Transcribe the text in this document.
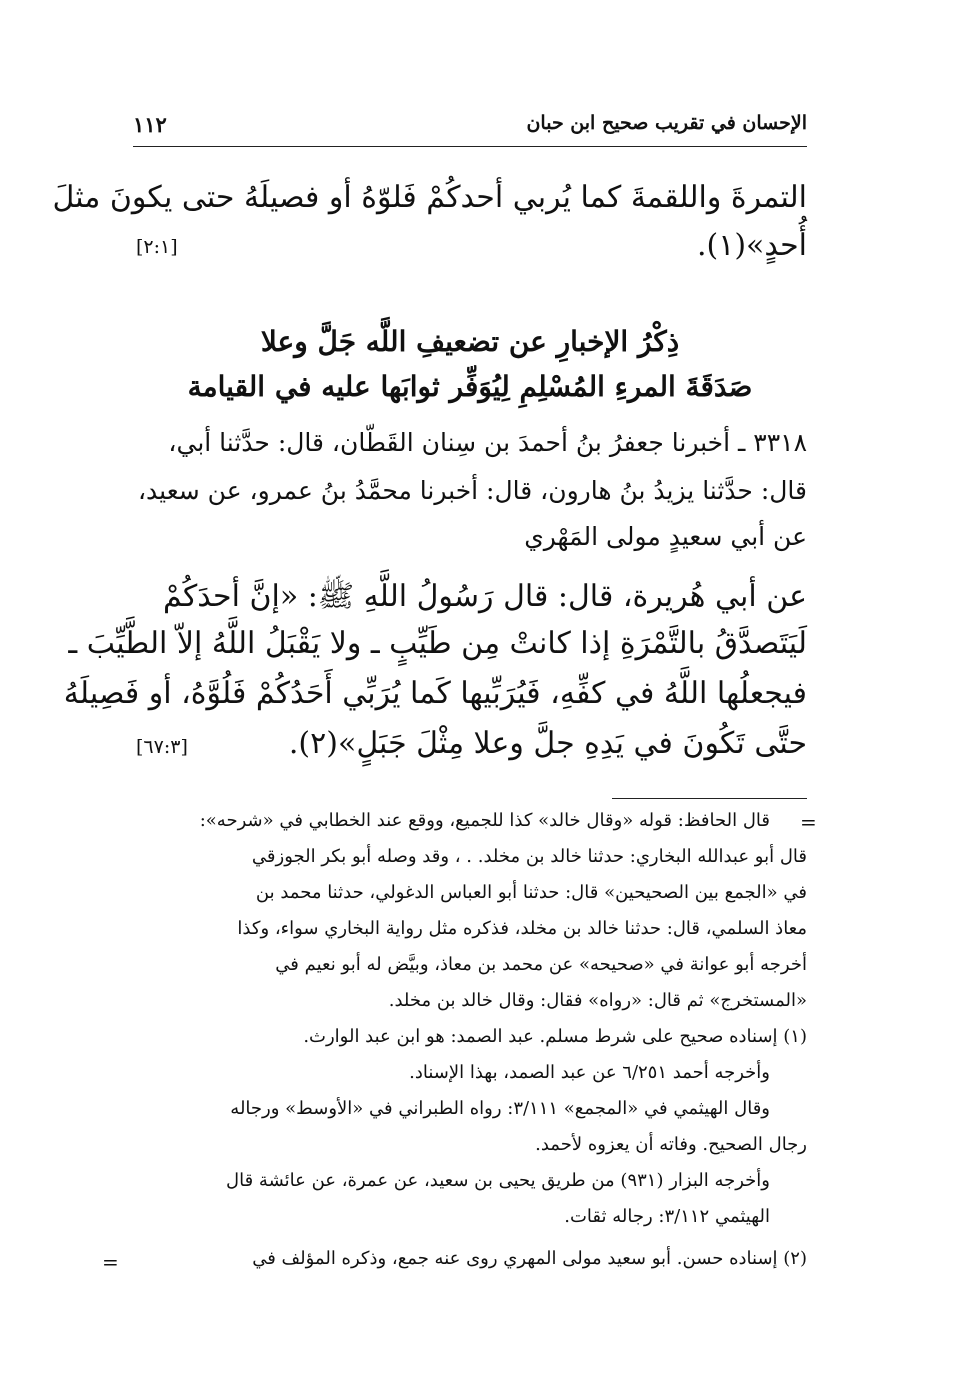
الإحسان في تقريب صحيح ابن حبان
١١٢
التمرةَ واللقمةَ كما يُربي أحدكُمْ فَلوّهُ أو فصيلَهُ حتى يكونَ مثلَ
أُحدٍ»(١).
[٢:١]
ذِكْرُ الإخبارِ عن تضعيفِ اللَّه جَلَّ وعلا
صَدَقَةَ المرءِ المُسْلِمِ لِيُوَفِّر ثوابَها عليه في القيامة
٣٣١٨ ـ أخبرنا جعفرُ بنُ أحمدَ بن سِنان القَطّان، قال: حدَّثنا أبي،
قال: حدَّثنا يزيدُ بنُ هارون، قال: أخبرنا محمَّدُ بنُ عمرو، عن سعيد،
عن أبي سعيدٍ مولى المَهْري
عن أبي هُريرة، قال: قال رَسُولُ اللَّهِ ﷺ: «إنَّ أحدَكُمْ
لَيَتَصدَّقُ بالتَّمْرَةِ إذا كانتْ مِن طَيِّبٍ ـ ولا يَقْبَلُ اللَّهُ إلاّ الطَّيِّبَ ـ
فيجعلُها اللَّهُ في كفِّهِ، فَيُرَبِّيها كَما يُرَبِّي أَحَدُكُمْ فَلُوَّهُ، أو فَصِيلَهُ
حتَّى تَكُونَ في يَدِهِ جلَّ وعلا مِثْلَ جَبَلٍ»(٢).
[٦٧:٣]
=
قال الحافظ: قوله «وقال خالد» كذا للجميع، ووقع عند الخطابي في «شرحه»:
قال أبو عبدالله البخاري: حدثنا خالد بن مخلد. . ، وقد وصله أبو بكر الجوزقي
في «الجمع بين الصحيحين» قال: حدثنا أبو العباس الدغولي، حدثنا محمد بن
معاذ السلمي، قال: حدثنا خالد بن مخلد، فذكره مثل رواية البخاري سواء، وكذا
أخرجه أبو عوانة في «صحيحه» عن محمد بن معاذ، وبيَّض له أبو نعيم في
«المستخرج» ثم قال: «رواه» فقال: وقال خالد بن مخلد.
(١) إسناده صحيح على شرط مسلم. عبد الصمد: هو ابن عبد الوارث.
وأخرجه أحمد ٦/٢٥١ عن عبد الصمد، بهذا الإسناد.
وقال الهيثمي في «المجمع» ٣/١١١: رواه الطبراني في «الأوسط» ورجاله
رجال الصحيح. وفاته أن يعزوه لأحمد.
وأخرجه البزار (٩٣١) من طريق يحيى بن سعيد، عن عمرة، عن عائشة قال
الهيثمي ٣/١١٢: رجاله ثقات.
(٢) إسناده حسن. أبو سعيد مولى المهري روى عنه جمع، وذكره المؤلف في
=
